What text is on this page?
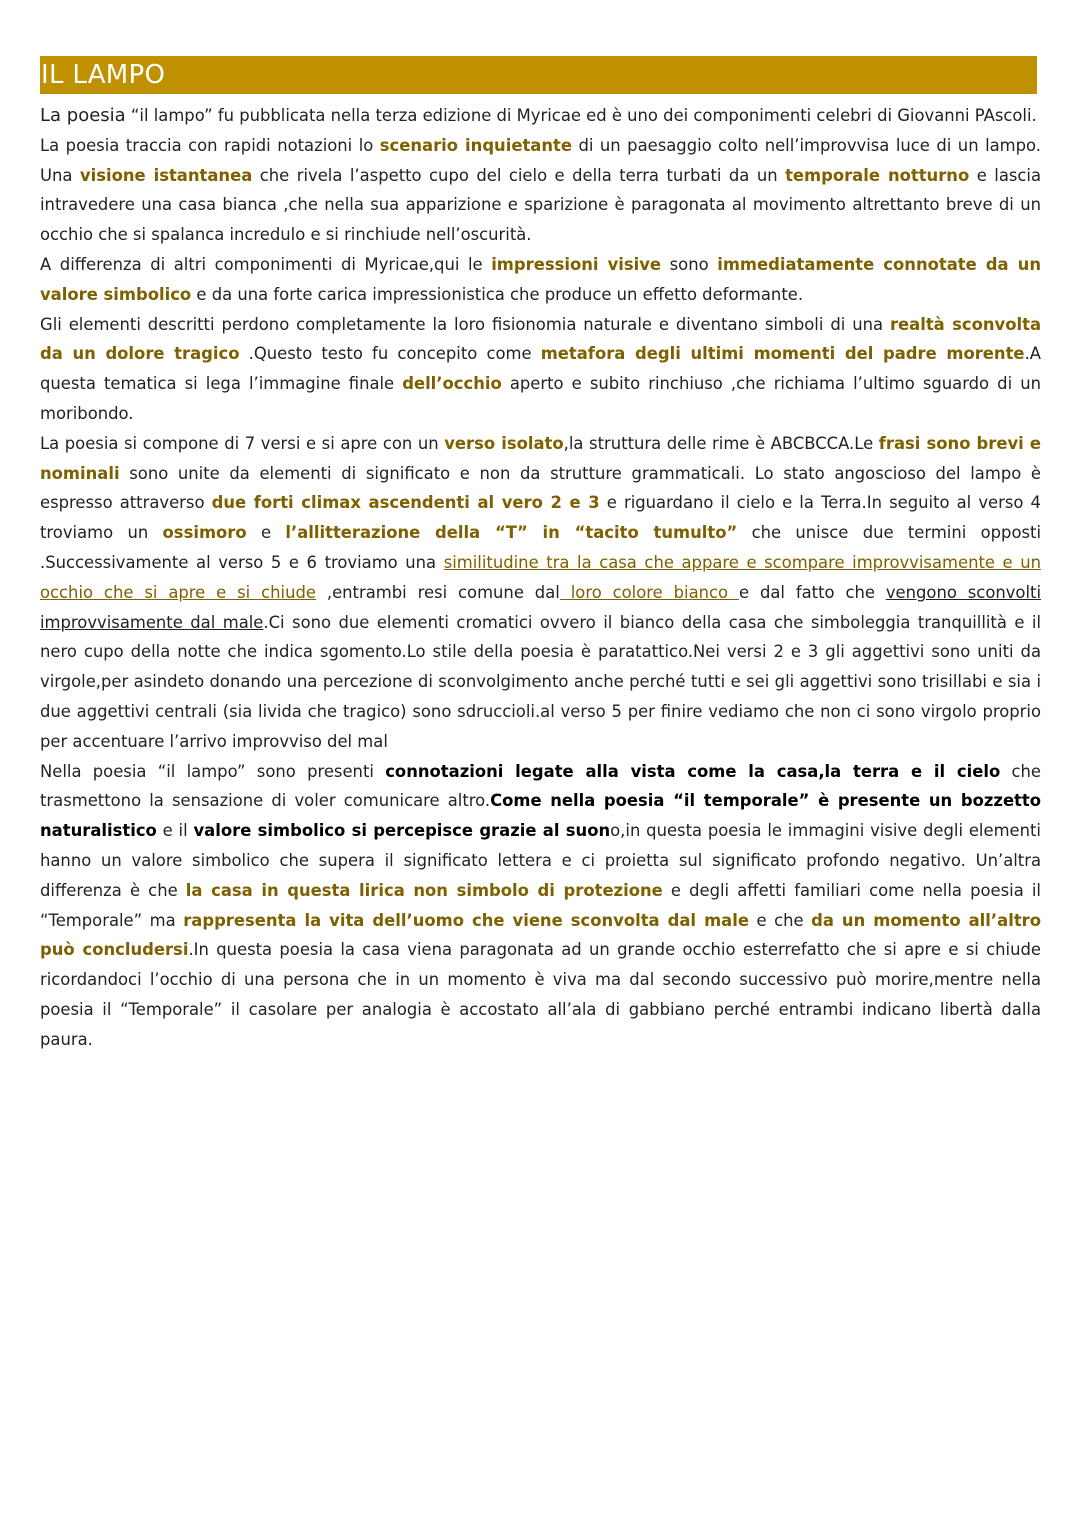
IL LAMPO

La poesia “il lampo” fu pubblicata nella terza edizione di Myricae ed è uno dei componimenti celebri di Giovanni PAscoli.

La poesia traccia con rapidi notazioni lo scenario inquietante di un paesaggio colto nell’improvvisa luce di un lampo. Una visione istantanea che rivela l’aspetto cupo del cielo e della terra turbati da un temporale notturno e lascia intravedere una casa bianca ,che nella sua apparizione e sparizione è paragonata al movimento altrettanto breve di un occhio che si spalanca incredulo e si rinchiude nell’oscurità.

A differenza di altri componimenti di Myricae,qui le impressioni visive sono immediatamente connotate da un valore simbolico e da una forte carica impressionistica che produce un effetto deformante.

Gli elementi descritti perdono completamente la loro fisionomia naturale e diventano simboli di una realtà sconvolta da un dolore tragico .Questo testo fu concepito come metafora degli ultimi momenti del padre morente.A questa tematica si lega l’immagine finale dell’occhio aperto e subito rinchiuso ,che richiama l’ultimo sguardo di un moribondo.

La poesia si compone di 7 versi e si apre con un verso isolato,la struttura delle rime è ABCBCCA.Le frasi sono brevi e nominali sono unite da elementi di significato e non da strutture grammaticali. Lo stato angoscioso del lampo è espresso attraverso due forti climax ascendenti al vero 2 e 3 e riguardano il cielo e la Terra.In seguito al verso 4 troviamo un ossimoro e l’allitterazione della “T” in “tacito tumulto” che unisce due termini opposti .Successivamente al verso 5 e 6 troviamo una similitudine tra la casa che appare e scompare improvvisamente e un occhio che si apre e si chiude ,entrambi resi comune dal loro colore bianco e dal fatto che vengono sconvolti improvvisamente dal male.Ci sono due elementi cromatici ovvero il bianco della casa che simboleggia tranquillità e il nero cupo della notte che indica sgomento.Lo stile della poesia è paratattico.Nei versi 2 e 3 gli aggettivi sono uniti da virgole,per asindeto donando una percezione di sconvolgimento anche perché tutti e sei gli aggettivi sono trisillabi e sia i due aggettivi centrali (sia livida che tragico) sono sdruccioli.al verso 5 per finire vediamo che non ci sono virgolo proprio per accentuare l’arrivo improvviso del mal

Nella poesia “il lampo” sono presenti connotazioni legate alla vista come la casa,la terra e il cielo che trasmettono la sensazione di voler comunicare altro.Come nella poesia “il temporale” è presente un bozzetto naturalistico e il valore simbolico si percepisce grazie al suono,in questa poesia le immagini visive degli elementi hanno un valore simbolico che supera il significato lettera e ci proietta sul significato profondo negativo. Un’altra differenza è che la casa in questa lirica non simbolo di protezione e degli affetti familiari come nella poesia il “Temporale” ma rappresenta la vita dell’uomo che viene sconvolta dal male e che da un momento all’altro può concludersi.In questa poesia la casa viena paragonata ad un grande occhio esterrefatto che si apre e si chiude ricordandoci l’occhio di una persona che in un momento è viva ma dal secondo successivo può morire,mentre nella poesia il “Temporale” il casolare per analogia è accostato all’ala di gabbiano perché entrambi indicano libertà dalla paura.
